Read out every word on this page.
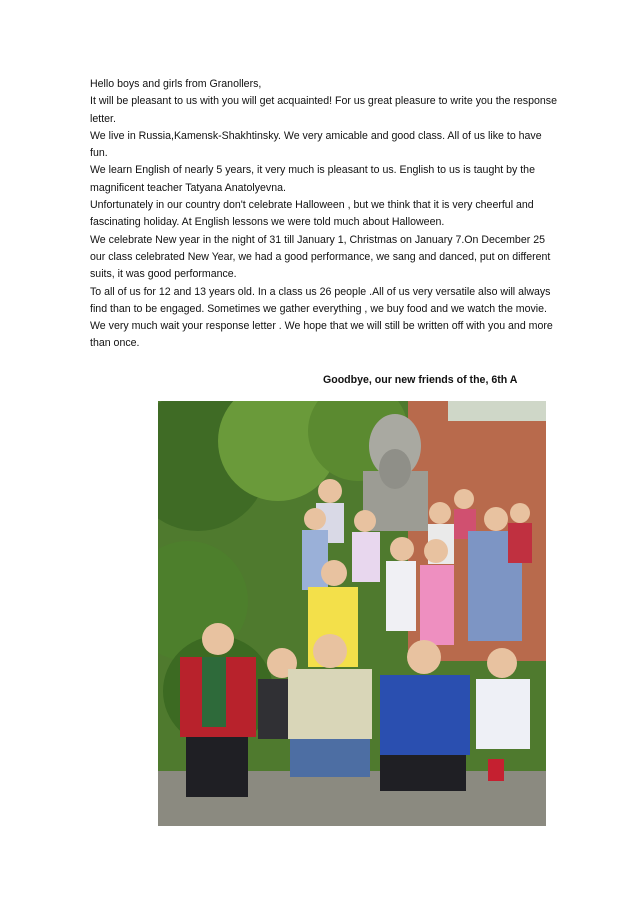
Hello boys and girls from Granollers,

It will be pleasant to us with you will get acquainted! For us great pleasure to write you the response letter.

We live in Russia,Kamensk-Shakhtinsky. We very amicable and good class. All of us like to have fun.

We learn English of nearly 5 years, it very much is pleasant to us. English to us is taught by the magnificent teacher Tatyana Anatolyevna.

Unfortunately in our country don't celebrate Halloween , but we think that it is very cheerful and fascinating holiday. At English lessons we were told much about Halloween.

We celebrate New year in the night of 31 till January 1, Christmas on January 7.On December 25 our class celebrated New Year, we had a good performance, we sang and danced, put on different suits, it was good performance.

To all of us for 12 and 13 years old. In a class us 26 people .All of us very versatile also will always find than to be engaged. Sometimes we gather everything , we buy food and we watch the movie.

We very much wait your response letter . We hope that we will still be written off with you and more than once.

Goodbye, our new friends of the, 6th A
